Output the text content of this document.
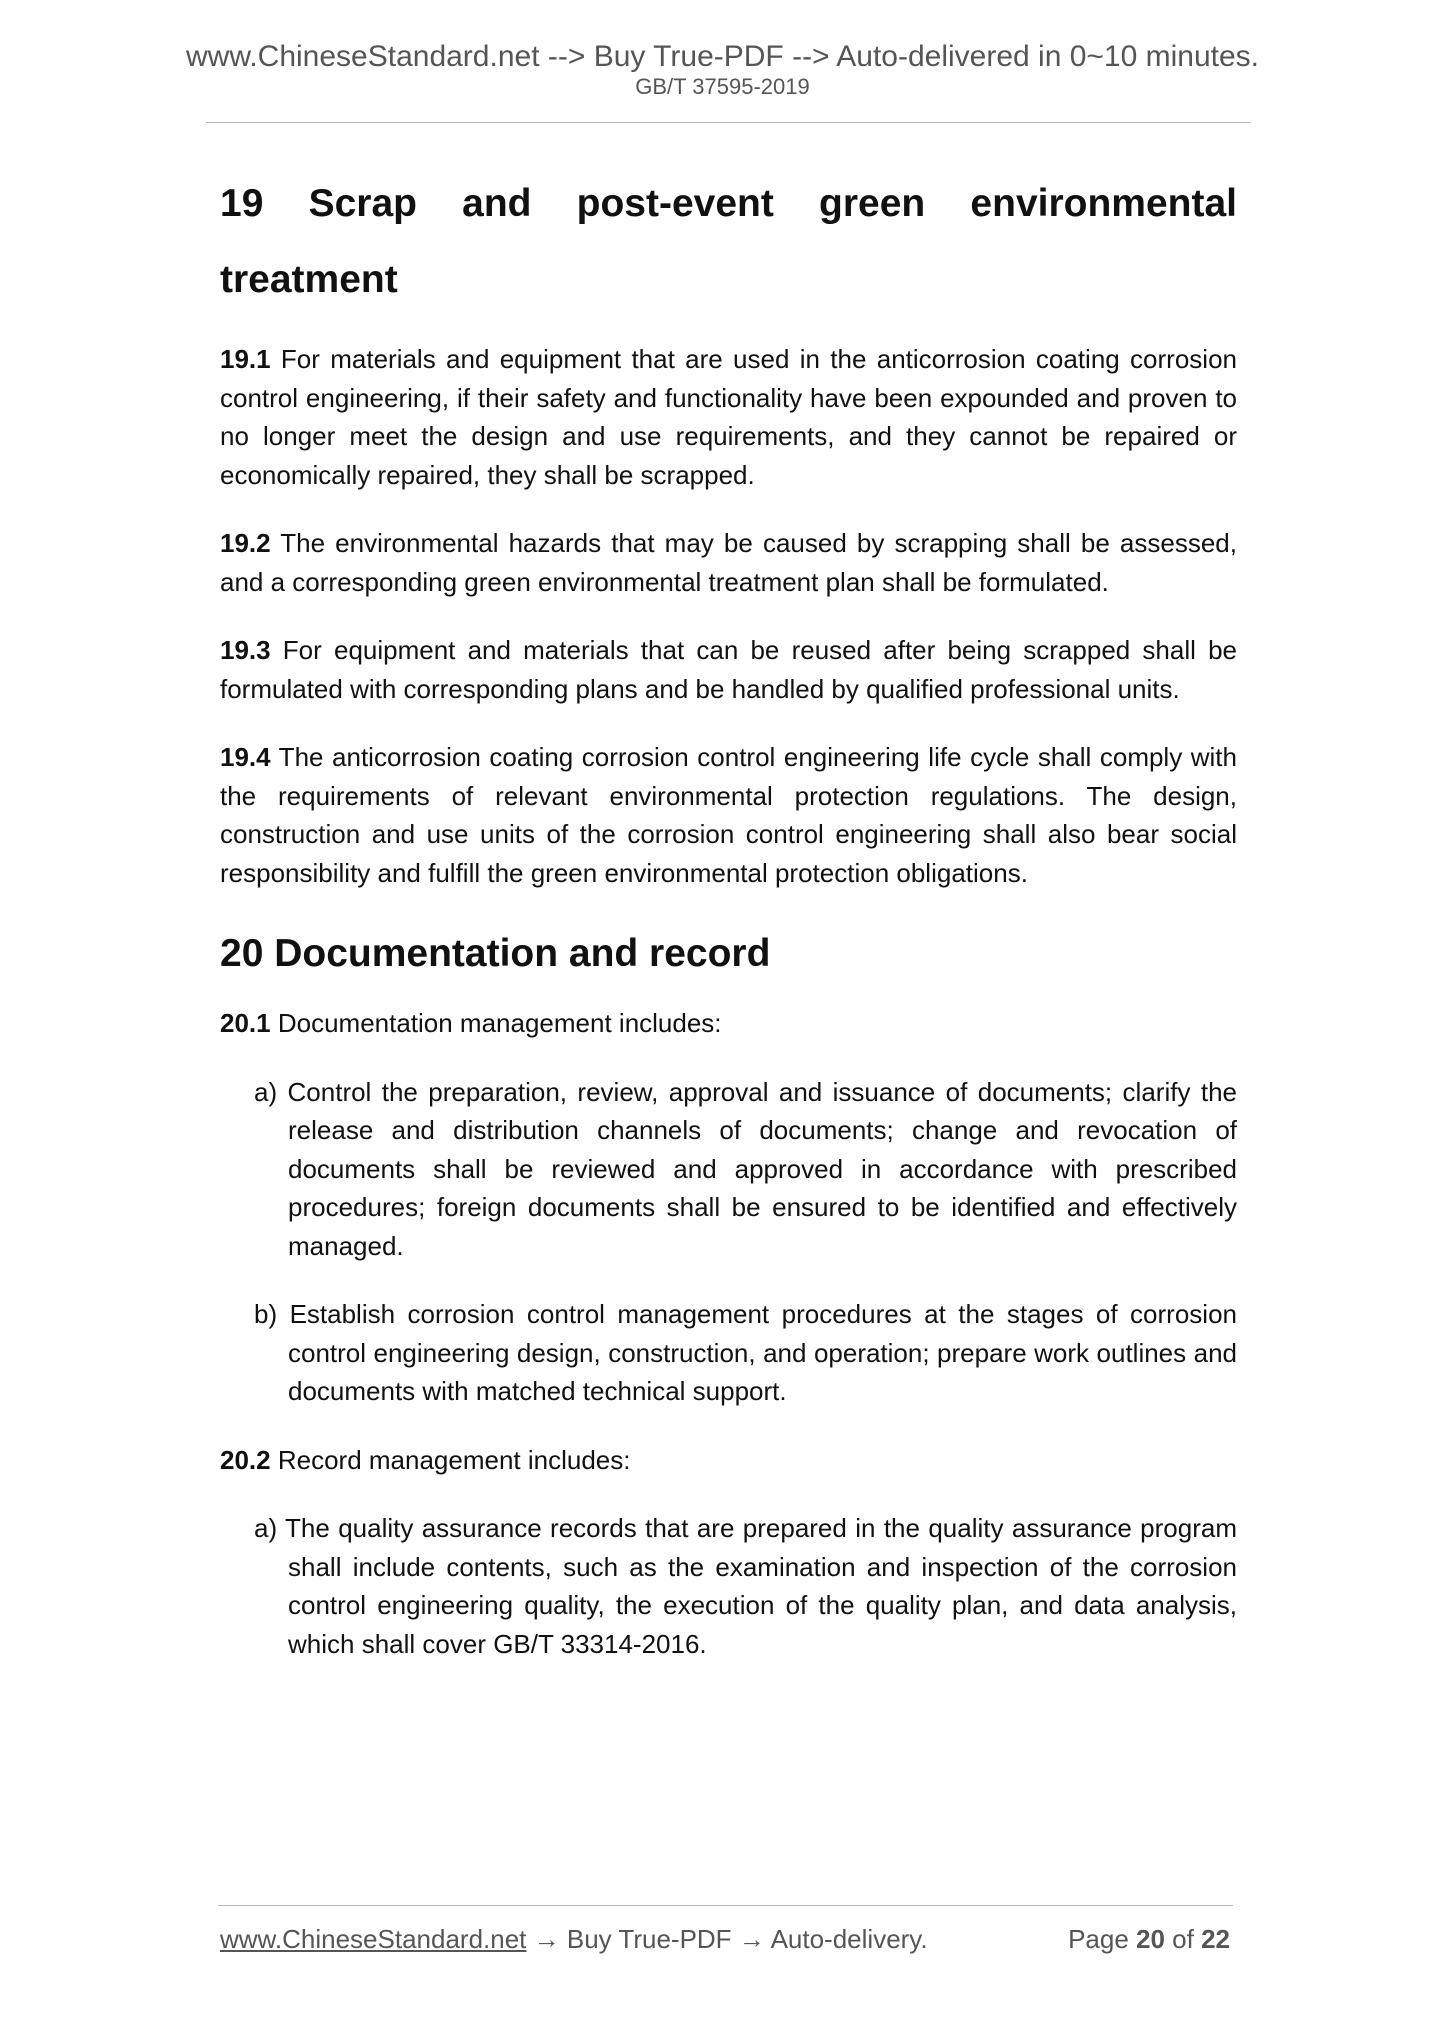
www.ChineseStandard.net --> Buy True-PDF --> Auto-delivered in 0~10 minutes.
GB/T 37595-2019
19 Scrap and post-event green environmental treatment

19.1 For materials and equipment that are used in the anticorrosion coating corrosion control engineering, if their safety and functionality have been expounded and proven to no longer meet the design and use requirements, and they cannot be repaired or economically repaired, they shall be scrapped.

19.2 The environmental hazards that may be caused by scrapping shall be assessed, and a corresponding green environmental treatment plan shall be formulated.

19.3 For equipment and materials that can be reused after being scrapped shall be formulated with corresponding plans and be handled by qualified professional units.

19.4 The anticorrosion coating corrosion control engineering life cycle shall comply with the requirements of relevant environmental protection regulations. The design, construction and use units of the corrosion control engineering shall also bear social responsibility and fulfill the green environmental protection obligations.

20 Documentation and record

20.1 Documentation management includes:

a) Control the preparation, review, approval and issuance of documents; clarify the release and distribution channels of documents; change and revocation of documents shall be reviewed and approved in accordance with prescribed procedures; foreign documents shall be ensured to be identified and effectively managed.
b) Establish corrosion control management procedures at the stages of corrosion control engineering design, construction, and operation; prepare work outlines and documents with matched technical support.

20.2 Record management includes:

a) The quality assurance records that are prepared in the quality assurance program shall include contents, such as the examination and inspection of the corrosion control engineering quality, the execution of the quality plan, and data analysis, which shall cover GB/T 33314-2016.
www.ChineseStandard.net → Buy True-PDF → Auto-delivery.	Page 20 of 22
